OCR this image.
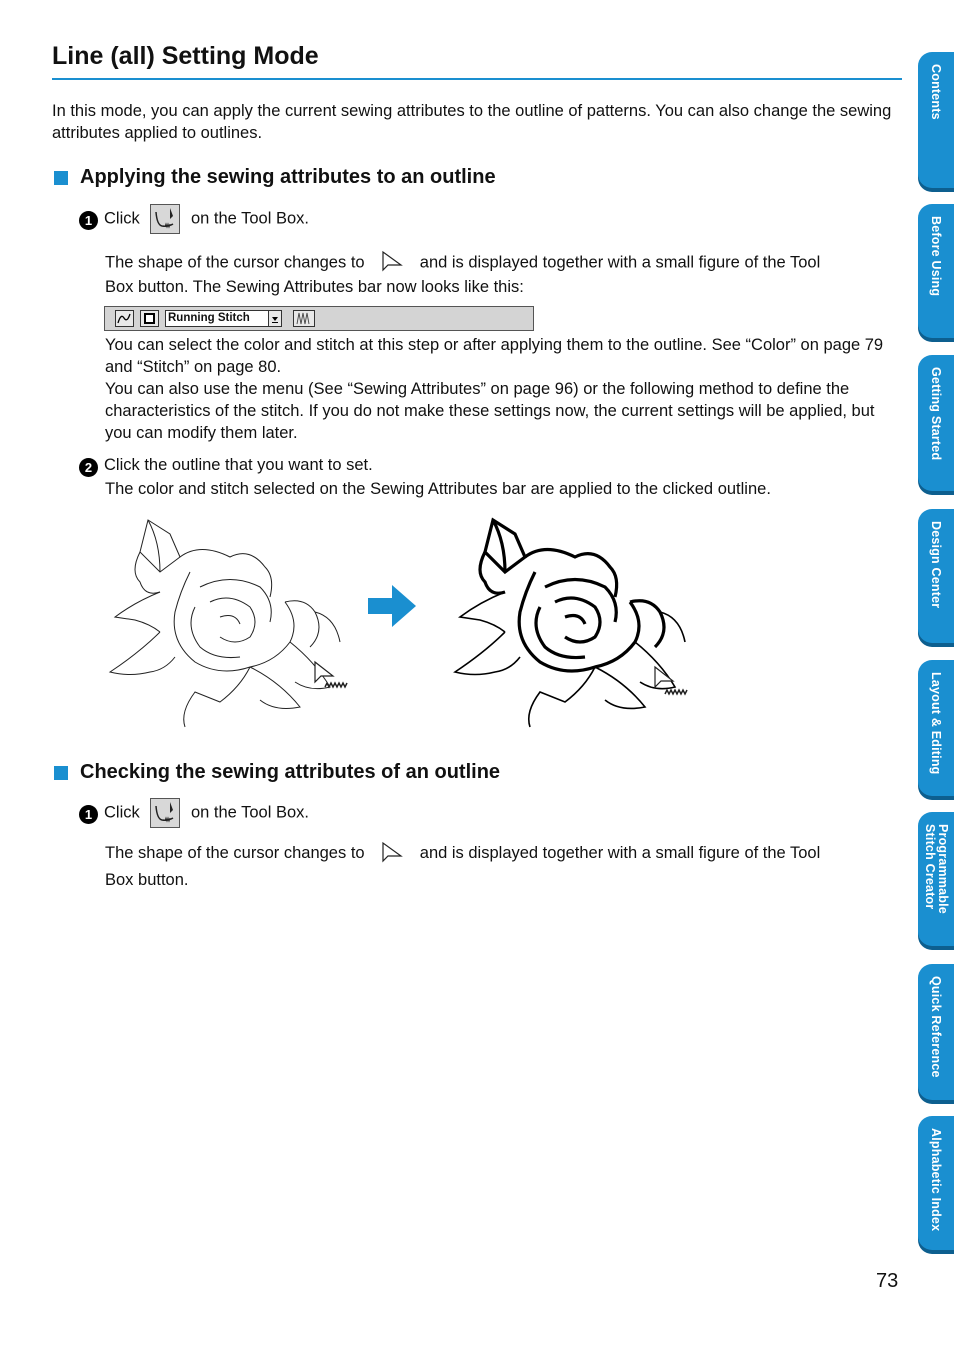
Line (all) Setting Mode
In this mode, you can apply the current sewing attributes to the outline of patterns. You can also change the sewing attributes applied to outlines.
Applying the sewing attributes to an outline
1 Click	on the Tool Box.
The shape of the cursor changes to	and is displayed together with a small figure of the Tool
Box button. The Sewing Attributes bar now looks like this:
Running Stitch
You can select the color and stitch at this step or after applying them to the outline. See “Color” on page 79 and “Stitch” on page 80.
You can also use the menu (See “Sewing Attributes” on page 96) or the following method to define the characteristics of the stitch. If you do not make these settings now, the current settings will be applied, but you can modify them later.
2 Click the outline that you want to set.
The color and stitch selected on the Sewing Attributes bar are applied to the clicked outline.
Checking the sewing attributes of an outline
1 Click	on the Tool Box.
The shape of the cursor changes to	and is displayed together with a small figure of the Tool
Box button.
73
Contents
Before Using
Getting Started
Design Center
Layout & Editing
Programmable
Stitch Creator
Quick Reference
Alphabetic Index
